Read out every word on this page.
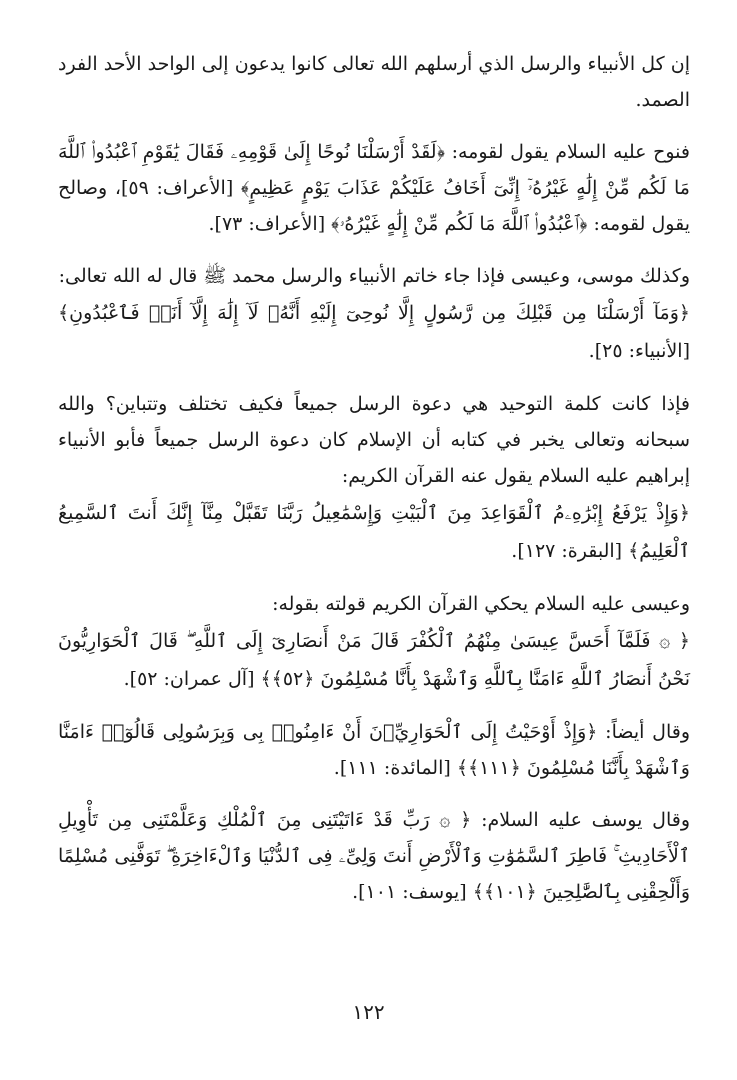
إن كل الأنبياء والرسل الذي أرسلهم الله تعالى كانوا يدعون إلى الواحد الأحد الفرد الصمد.

فنوح عليه السلام يقول لقومه: ﴿لَقَدْ أَرْسَلْنَا نُوحًا إِلَىٰ قَوْمِهِۦ فَقَالَ يَٰقَوْمِ ٱعْبُدُوا۟ ٱللَّهَ مَا لَكُم مِّنْ إِلَٰهٍ غَيْرُهُۥٓ إِنِّىٓ أَخَافُ عَلَيْكُمْ عَذَابَ يَوْمٍ عَظِيمٍ﴾ [الأعراف: ٥٩]، وصالح يقول لقومه: ﴿ٱعْبُدُوا۟ ٱللَّهَ مَا لَكُم مِّنْ إِلَٰهٍ غَيْرُهُۥ﴾ [الأعراف: ٧٣].

وكذلك موسى، وعيسى فإذا جاء خاتم الأنبياء والرسل محمد ﷺ قال له الله تعالى:

﴿وَمَآ أَرْسَلْنَا مِن قَبْلِكَ مِن رَّسُولٍ إِلَّا نُوحِىٓ إِلَيْهِ أَنَّهُۥ لَآ إِلَٰهَ إِلَّآ أَنَا۠ فَٱعْبُدُونِ﴾ [الأنبياء: ٢٥].

فإذا كانت كلمة التوحيد هي دعوة الرسل جميعاً فكيف تختلف وتتباين؟ والله سبحانه وتعالى يخبر في كتابه أن الإسلام كان دعوة الرسل جميعاً فأبو الأنبياء إبراهيم عليه السلام يقول عنه القرآن الكريم:

﴿وَإِذْ يَرْفَعُ إِبْرَٰهِۦمُ ٱلْقَوَاعِدَ مِنَ ٱلْبَيْتِ وَإِسْمَٰعِيلُ رَبَّنَا تَقَبَّلْ مِنَّآ إِنَّكَ أَنتَ ٱلسَّمِيعُ ٱلْعَلِيمُ﴾ [البقرة: ١٢٧].

وعيسى عليه السلام يحكي القرآن الكريم قولته بقوله:

﴿ ۞ فَلَمَّآ أَحَسَّ عِيسَىٰ مِنْهُمُ ٱلْكُفْرَ قَالَ مَنْ أَنصَارِىٓ إِلَى ٱللَّهِ ۖ قَالَ ٱلْحَوَارِيُّونَ نَحْنُ أَنصَارُ ٱللَّهِ ءَامَنَّا بِٱللَّهِ وَٱشْهَدْ بِأَنَّا مُسْلِمُونَ ﴿٥٢﴾﴾ [آل عمران: ٥٢].

وقال أيضاً: ﴿وَإِذْ أَوْحَيْتُ إِلَى ٱلْحَوَارِيِّۦنَ أَنْ ءَامِنُوا۟ بِى وَبِرَسُولِى قَالُوٓا۟ ءَامَنَّا وَٱشْهَدْ بِأَنَّنَا مُسْلِمُونَ ﴿١١١﴾﴾ [المائدة: ١١١].

وقال يوسف عليه السلام: ﴿ ۞ رَبِّ قَدْ ءَاتَيْتَنِى مِنَ ٱلْمُلْكِ وَعَلَّمْتَنِى مِن تَأْوِيلِ ٱلْأَحَادِيثِ ۚ فَاطِرَ ٱلسَّمَٰوَٰتِ وَٱلْأَرْضِ أَنتَ وَلِىِّۦ فِى ٱلدُّنْيَا وَٱلْءَاخِرَةِ ۖ تَوَفَّنِى مُسْلِمًا وَأَلْحِقْنِى بِٱلصَّٰلِحِينَ ﴿١٠١﴾﴾ [يوسف: ١٠١].

١٢٢
